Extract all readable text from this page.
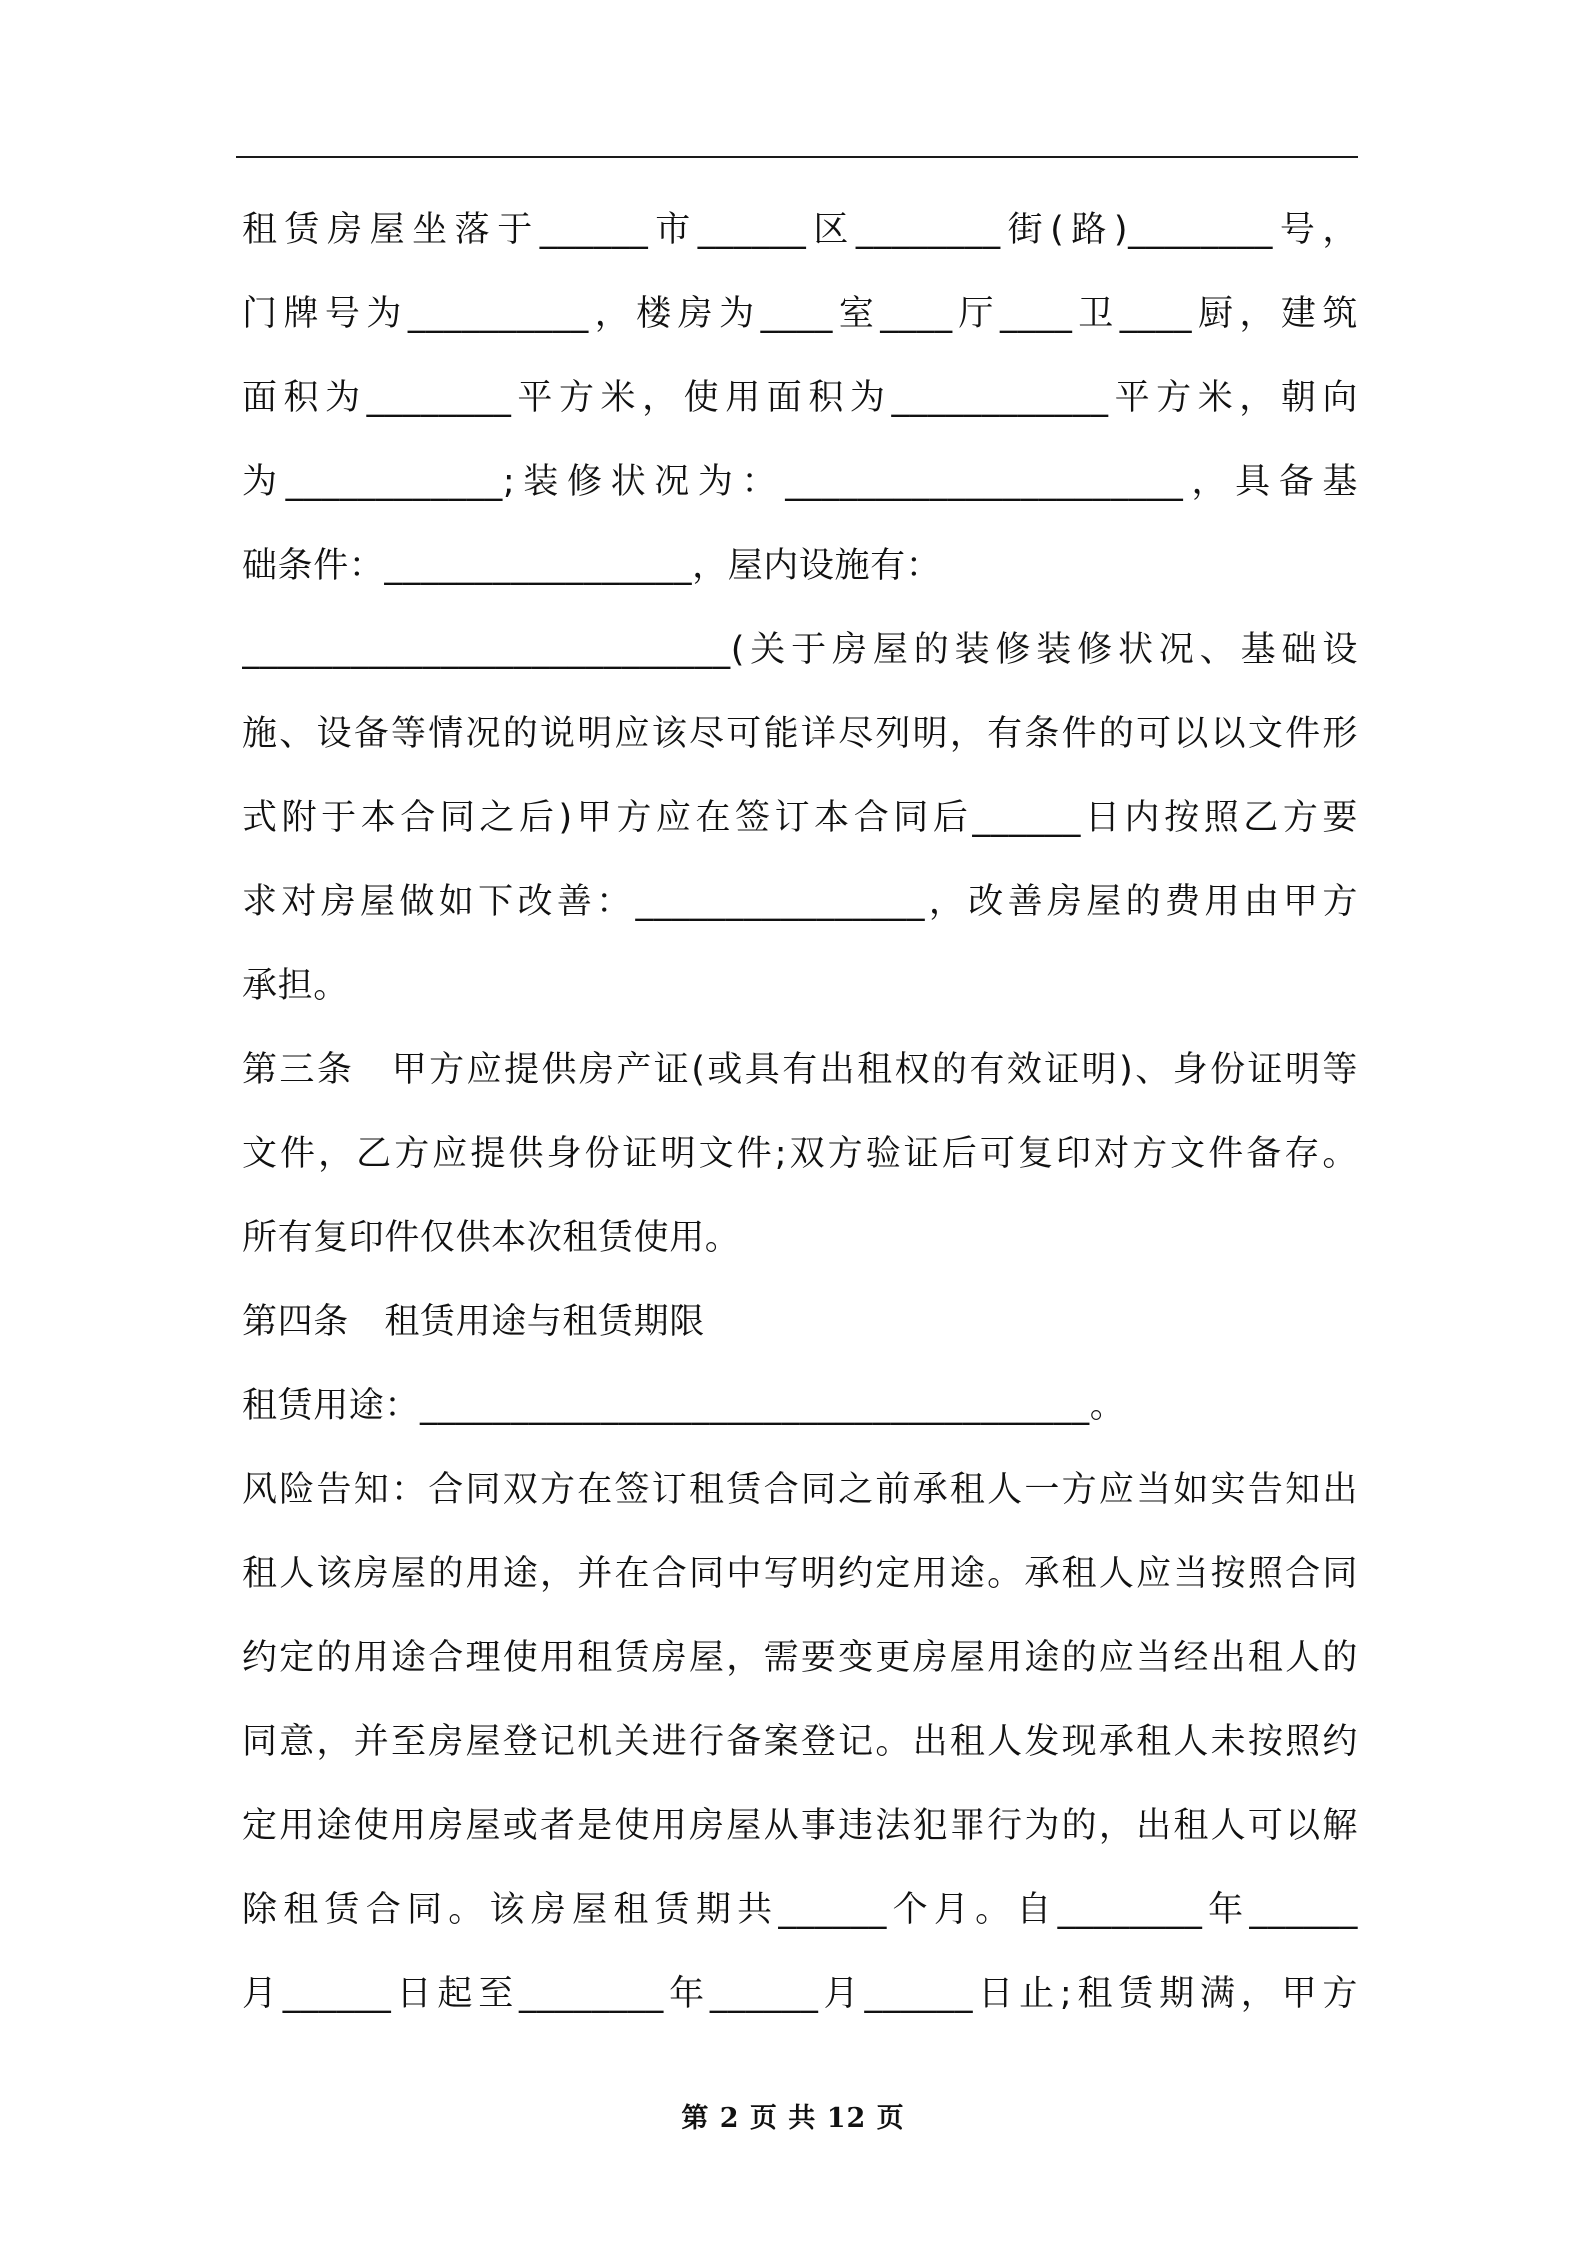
租赁房屋坐落于______市______区________街(路)________号，
门牌号为__________，楼房为____室____厅____卫____厨，建筑
面积为________平方米，使用面积为____________平方米，朝向
为____________;装修状况为：______________________，具备基
础条件：_________________，屋内设施有：
___________________________(关于房屋的装修装修状况、基础设
施、设备等情况的说明应该尽可能详尽列明，有条件的可以以文件形
式附于本合同之后)甲方应在签订本合同后______日内按照乙方要
求对房屋做如下改善：________________，改善房屋的费用由甲方
承担。
第三条　甲方应提供房产证(或具有出租权的有效证明)、身份证明等
文件，乙方应提供身份证明文件;双方验证后可复印对方文件备存。
所有复印件仅供本次租赁使用。
第四条　租赁用途与租赁期限
租赁用途：_____________________________________。
风险告知：合同双方在签订租赁合同之前承租人一方应当如实告知出
租人该房屋的用途，并在合同中写明约定用途。承租人应当按照合同
约定的用途合理使用租赁房屋，需要变更房屋用途的应当经出租人的
同意，并至房屋登记机关进行备案登记。出租人发现承租人未按照约
定用途使用房屋或者是使用房屋从事违法犯罪行为的，出租人可以解
除租赁合同。该房屋租赁期共______个月。自________年______
月______日起至________年______月______日止;租赁期满，甲方
第 2 页 共 12 页
